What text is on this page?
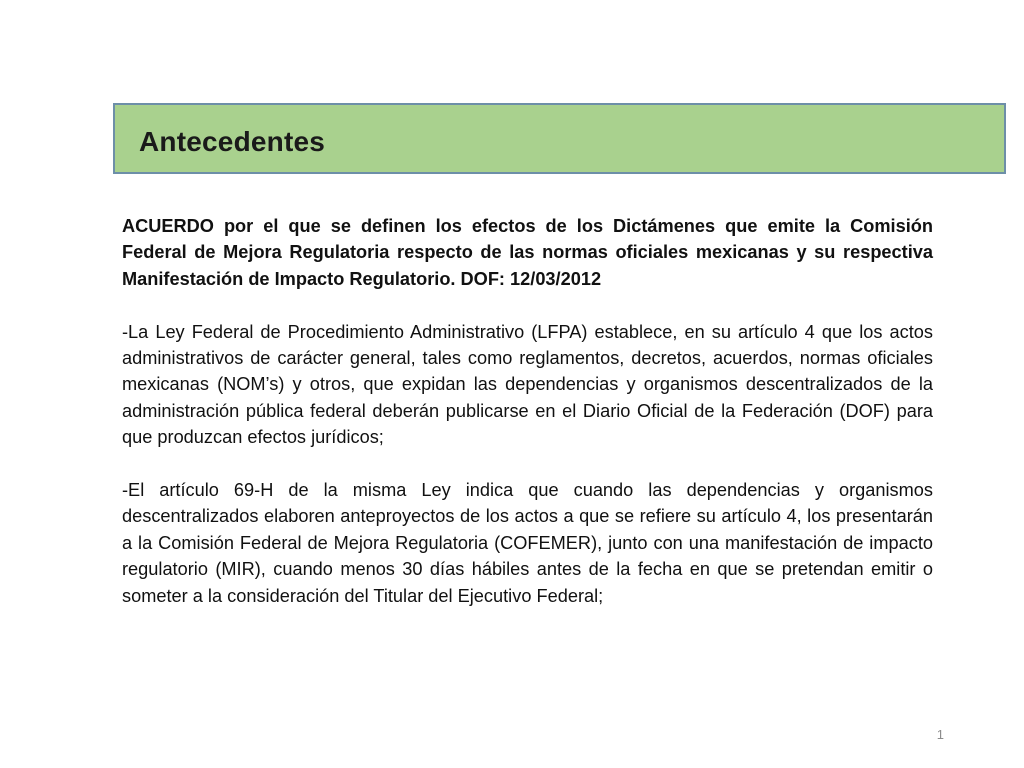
Antecedentes

ACUERDO por el que se definen los efectos de los Dictámenes que emite la Comisión Federal de Mejora Regulatoria respecto de las normas oficiales mexicanas y su respectiva Manifestación de Impacto Regulatorio. DOF: 12/03/2012

-La Ley Federal de Procedimiento Administrativo (LFPA) establece, en su artículo 4 que los actos administrativos de carácter general, tales como reglamentos, decretos, acuerdos, normas oficiales mexicanas (NOM’s) y otros, que expidan las dependencias y organismos descentralizados de la administración pública federal deberán publicarse en el Diario Oficial de la Federación (DOF) para que produzcan efectos jurídicos;

-El artículo 69-H de la misma Ley indica que cuando las dependencias y organismos descentralizados elaboren anteproyectos de los actos a que se refiere su artículo 4, los presentarán a la Comisión Federal de Mejora Regulatoria (COFEMER), junto con una manifestación de impacto regulatorio (MIR), cuando menos 30 días hábiles antes de la fecha en que se pretendan emitir o someter a la consideración del Titular del Ejecutivo Federal;

1
